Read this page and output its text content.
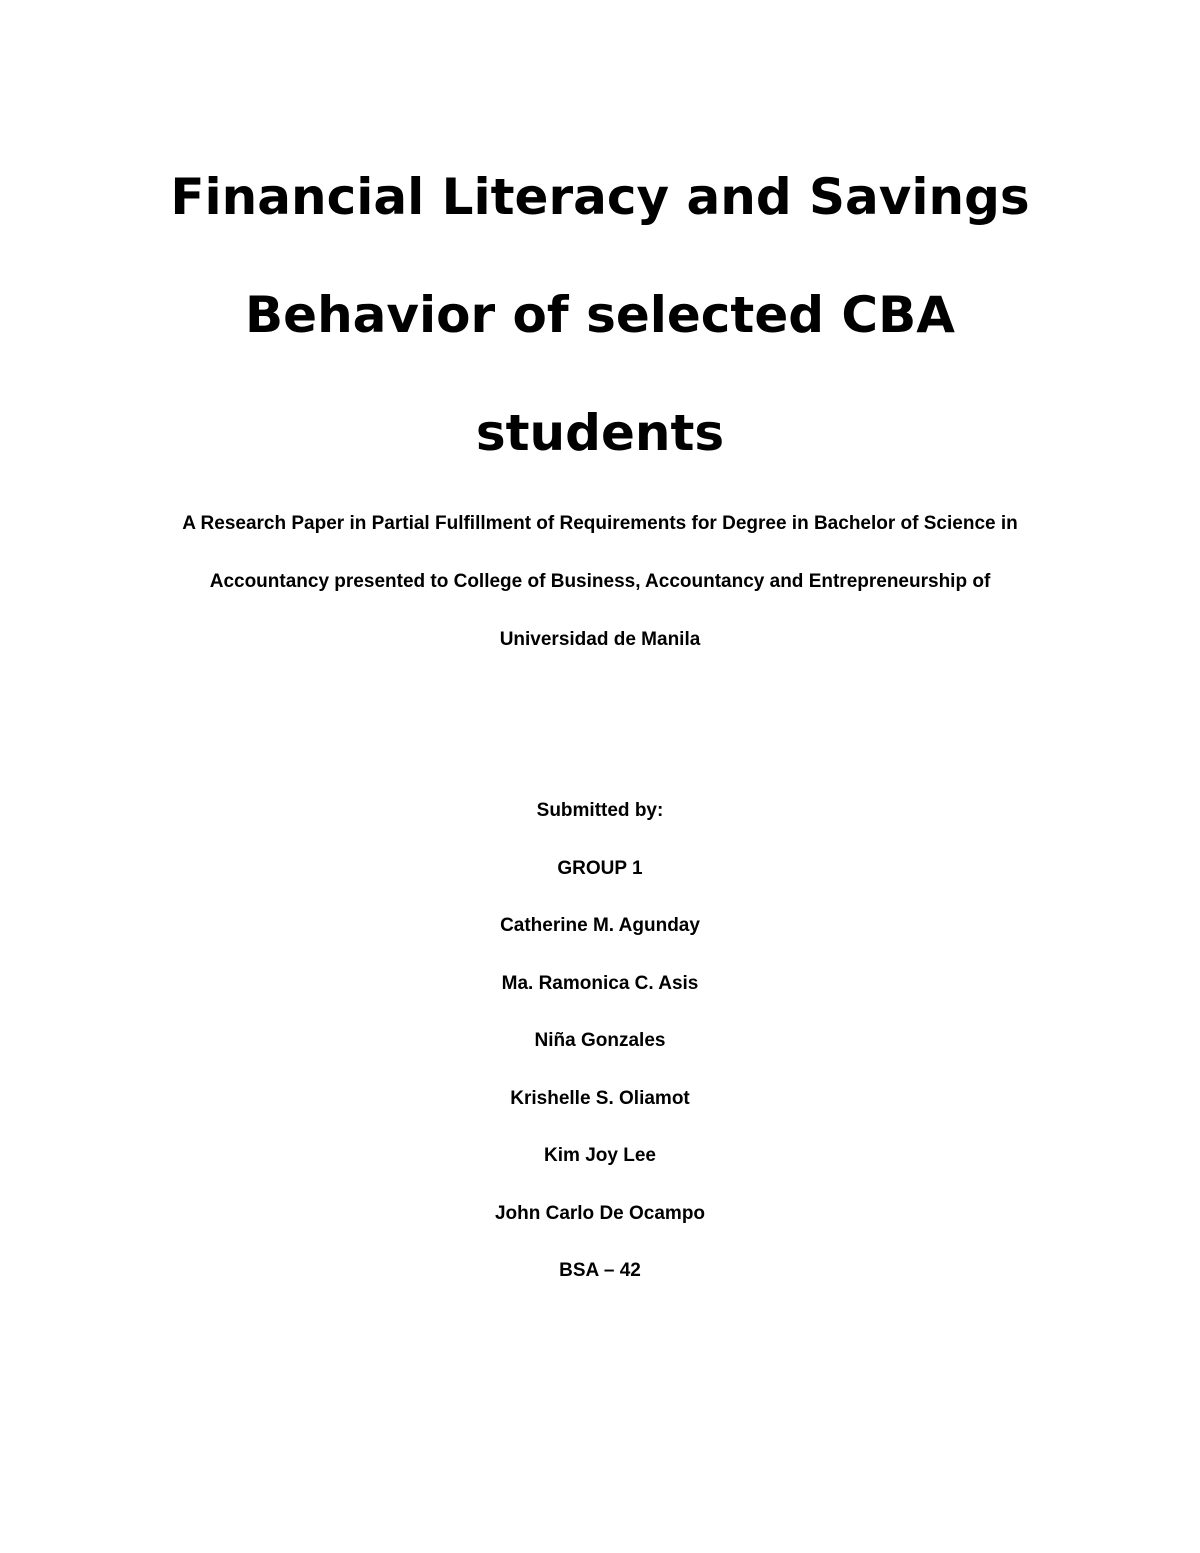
Financial Literacy and Savings
Behavior of selected CBA
students
A Research Paper in Partial Fulfillment of Requirements for Degree in Bachelor of Science in
Accountancy presented to College of Business, Accountancy and Entrepreneurship of
Universidad de Manila
Submitted by:
GROUP 1
Catherine M. Agunday
Ma. Ramonica C. Asis
Niña Gonzales
Krishelle S. Oliamot
Kim Joy Lee
John Carlo De Ocampo
BSA – 42
